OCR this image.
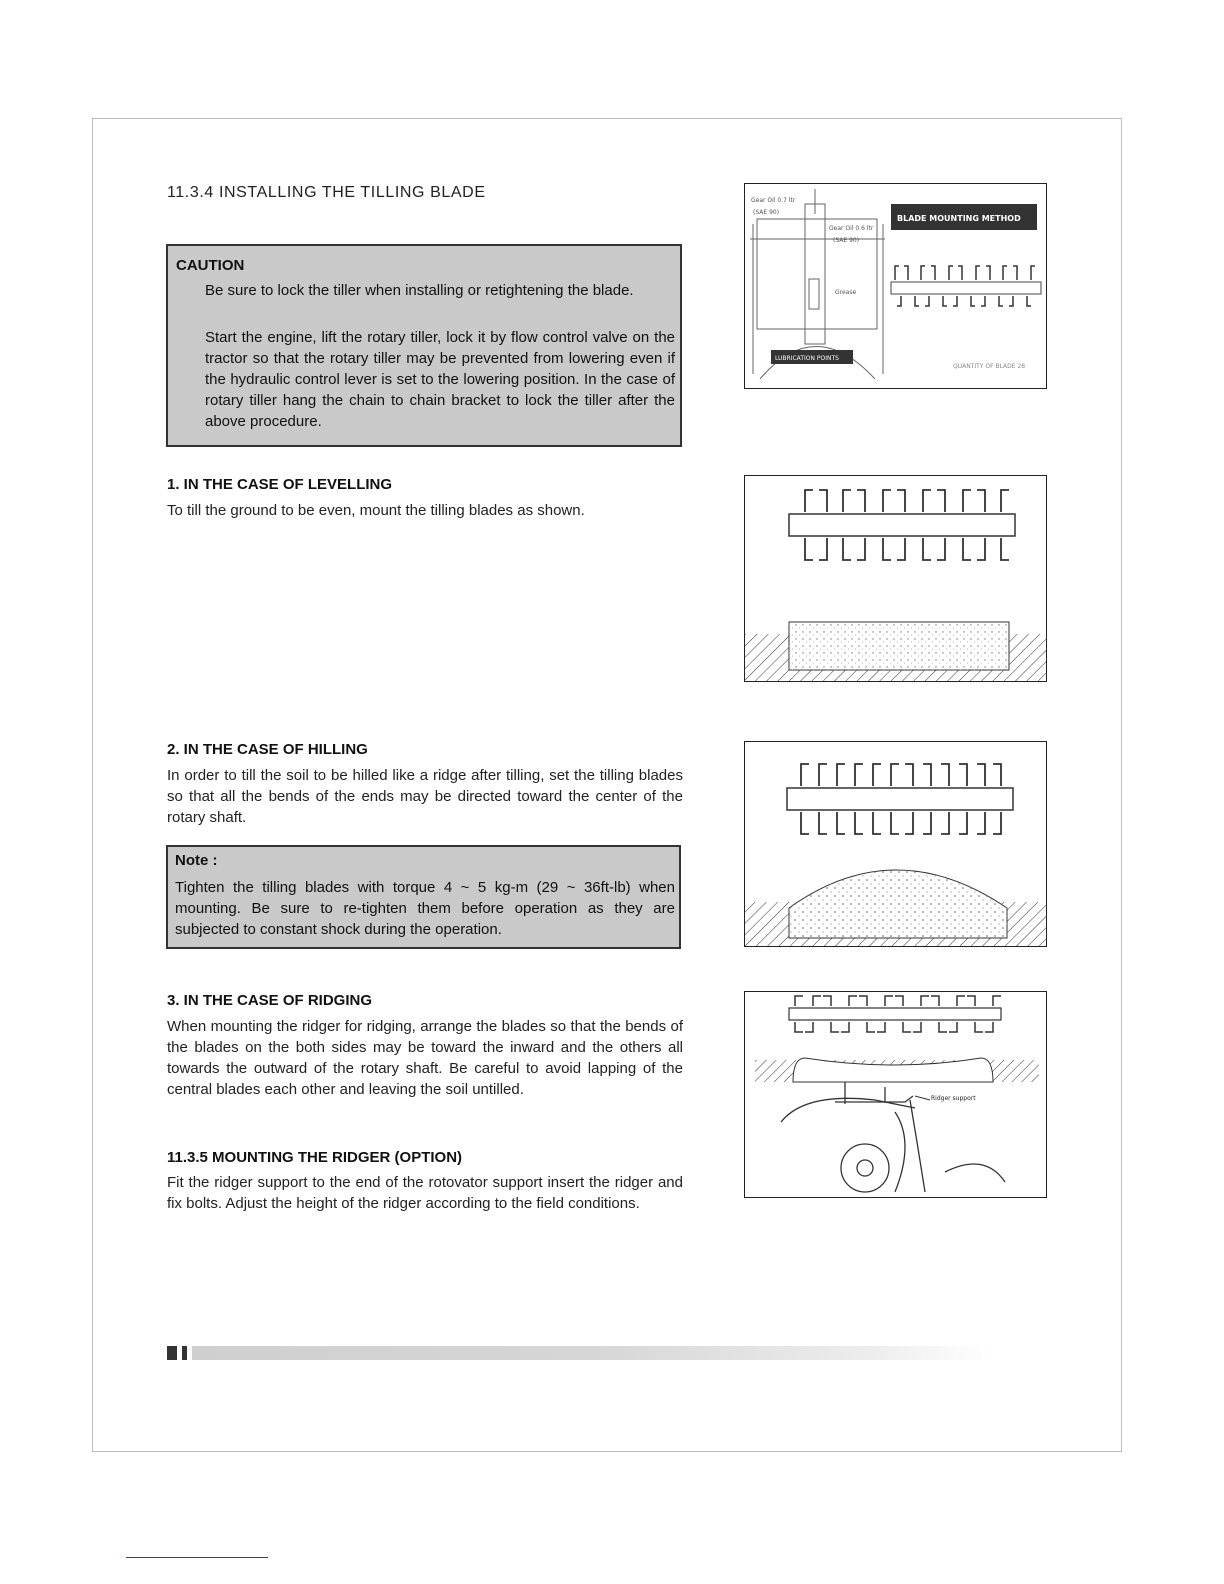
11.3.4 INSTALLING THE TILLING BLADE
CAUTION
Be sure to lock the tiller when installing or retightening the blade.
Start the engine, lift the rotary tiller, lock it by flow control valve on the tractor so that the rotary tiller may be prevented from lowering even if the hydraulic control lever is set to the lowering position. In the case of rotary tiller hang the chain to chain bracket to lock the tiller after the above procedure.
1. IN THE CASE OF LEVELLING
To till the ground to be even, mount the tilling blades as shown.
2. IN THE CASE OF HILLING
In order to till the soil to be hilled like a ridge after tilling, set the tilling blades so that all the bends of the ends may be directed toward the center of the rotary shaft.
Note :
Tighten the tilling blades with torque 4 ~ 5 kg-m (29 ~ 36ft-lb) when mounting. Be sure to re-tighten them before operation as they are subjected to constant shock during the operation.
3. IN THE CASE OF RIDGING
When mounting the ridger for ridging, arrange the blades so that the bends of the blades on the both sides may be toward the inward and the others all towards the outward of the rotary shaft. Be careful to avoid lapping of the central blades each other and leaving the soil untilled.
11.3.5 MOUNTING THE RIDGER (OPTION)
Fit the ridger support to the end of the rotovator support insert the ridger and fix bolts. Adjust the height of the ridger according to the field conditions.
Gear Oil 0.7 ltr
(SAE 90)
Gear Oil 0.6 ltr
(SAE 90)
Grease
LUBRICATION POINTS
BLADE MOUNTING METHOD
QUANTITY OF BLADE 28
Ridger support
